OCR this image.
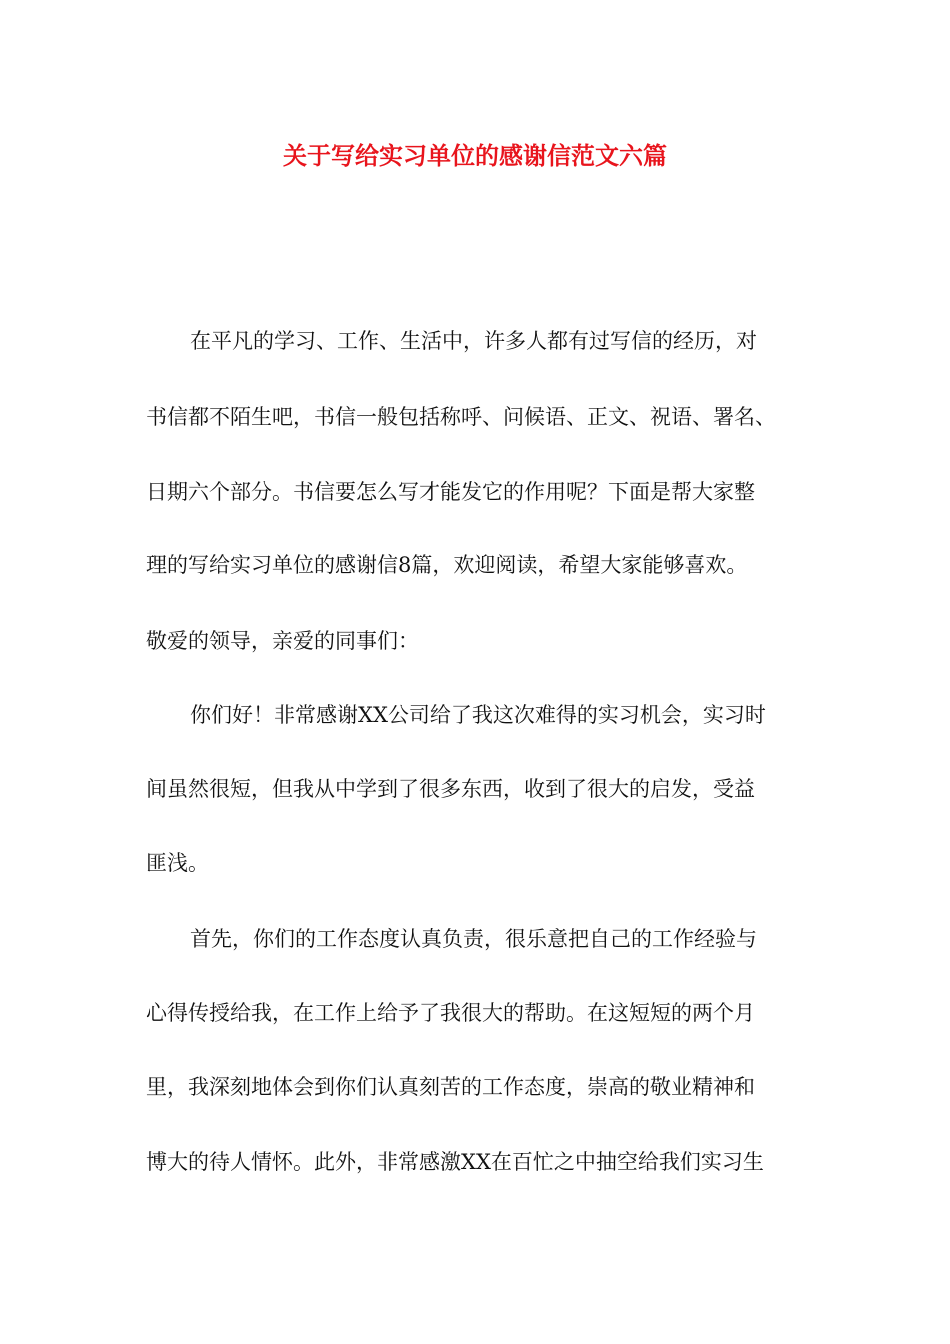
关于写给实习单位的感谢信范文六篇

在平凡的学习、工作、生活中，许多人都有过写信的经历，对

书信都不陌生吧，书信一般包括称呼、问候语、正文、祝语、署名、

日期六个部分。书信要怎么写才能发它的作用呢？下面是帮大家整

理的写给实习单位的感谢信8篇，欢迎阅读，希望大家能够喜欢。

敬爱的领导，亲爱的同事们：

你们好！非常感谢XX公司给了我这次难得的实习机会，实习时

间虽然很短，但我从中学到了很多东西，收到了很大的启发，受益

匪浅。

首先，你们的工作态度认真负责，很乐意把自己的工作经验与

心得传授给我，在工作上给予了我很大的帮助。在这短短的两个月

里，我深刻地体会到你们认真刻苦的工作态度，崇高的敬业精神和

博大的待人情怀。此外，非常感激XX在百忙之中抽空给我们实习生
